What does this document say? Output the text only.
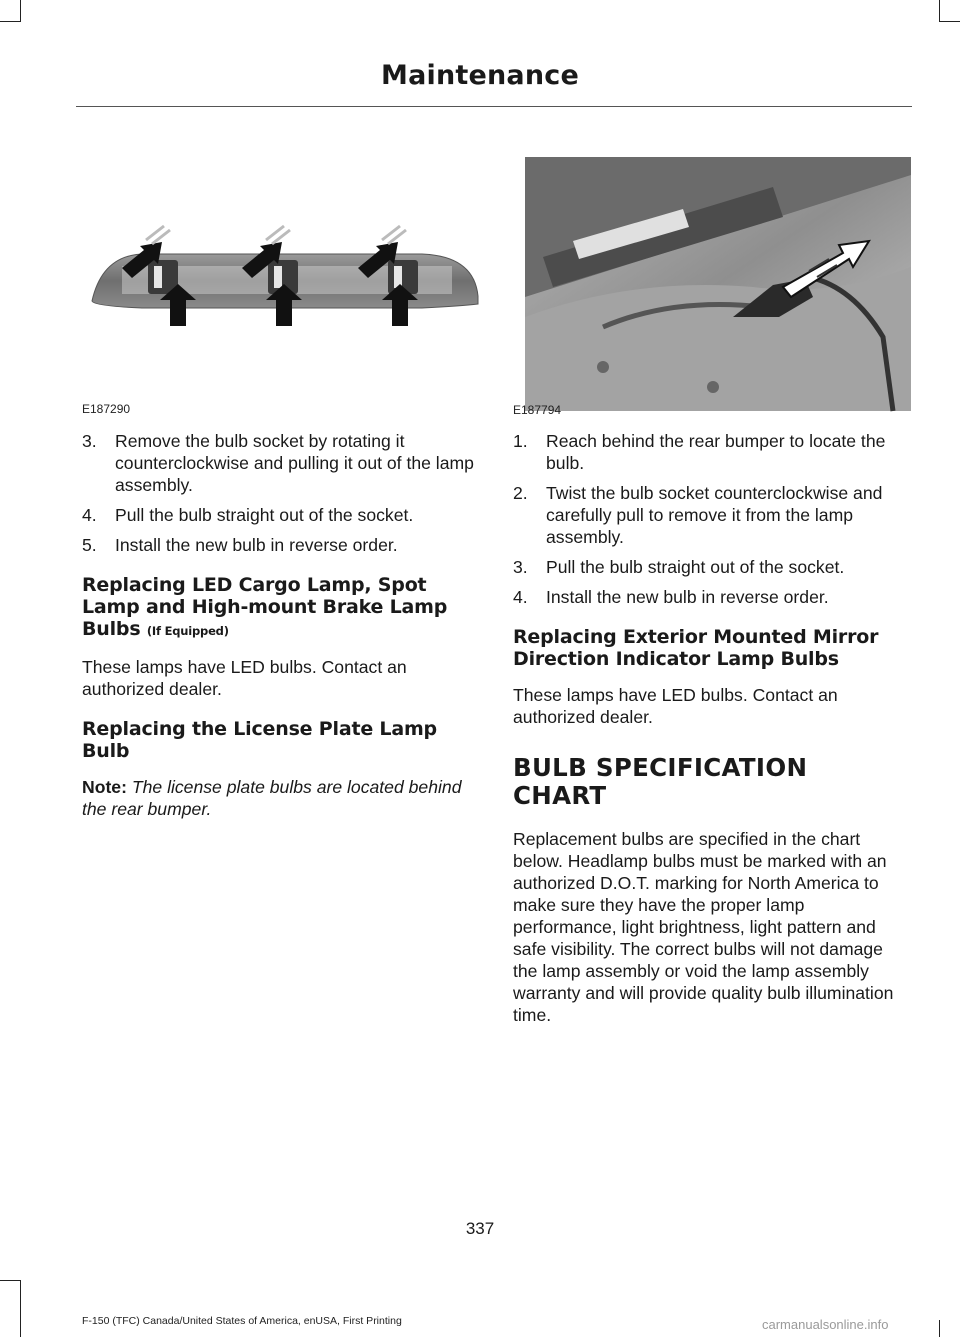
Maintenance
E187290	E187794
3. Remove the bulb socket by rotating it counterclockwise and pulling it out of the lamp assembly.
4. Pull the bulb straight out of the socket.
5. Install the new bulb in reverse order.
Replacing LED Cargo Lamp, Spot Lamp and High-mount Brake Lamp Bulbs (If Equipped)

These lamps have LED bulbs. Contact an authorized dealer.

Replacing the License Plate Lamp Bulb

Note: The license plate bulbs are located behind the rear bumper.

1. Reach behind the rear bumper to locate the bulb.
2. Twist the bulb socket counterclockwise and carefully pull to remove it from the lamp assembly.
3. Pull the bulb straight out of the socket.
4. Install the new bulb in reverse order.
Replacing Exterior Mounted Mirror Direction Indicator Lamp Bulbs

These lamps have LED bulbs. Contact an authorized dealer.

BULB SPECIFICATION CHART

Replacement bulbs are specified in the chart below. Headlamp bulbs must be marked with an authorized D.O.T. marking for North America to make sure they have the proper lamp performance, light brightness, light pattern and safe visibility. The correct bulbs will not damage the lamp assembly or void the lamp assembly warranty and will provide quality bulb illumination time.

337
F-150 (TFC) Canada/United States of America, enUSA, First Printing	carmanualsonline.info
